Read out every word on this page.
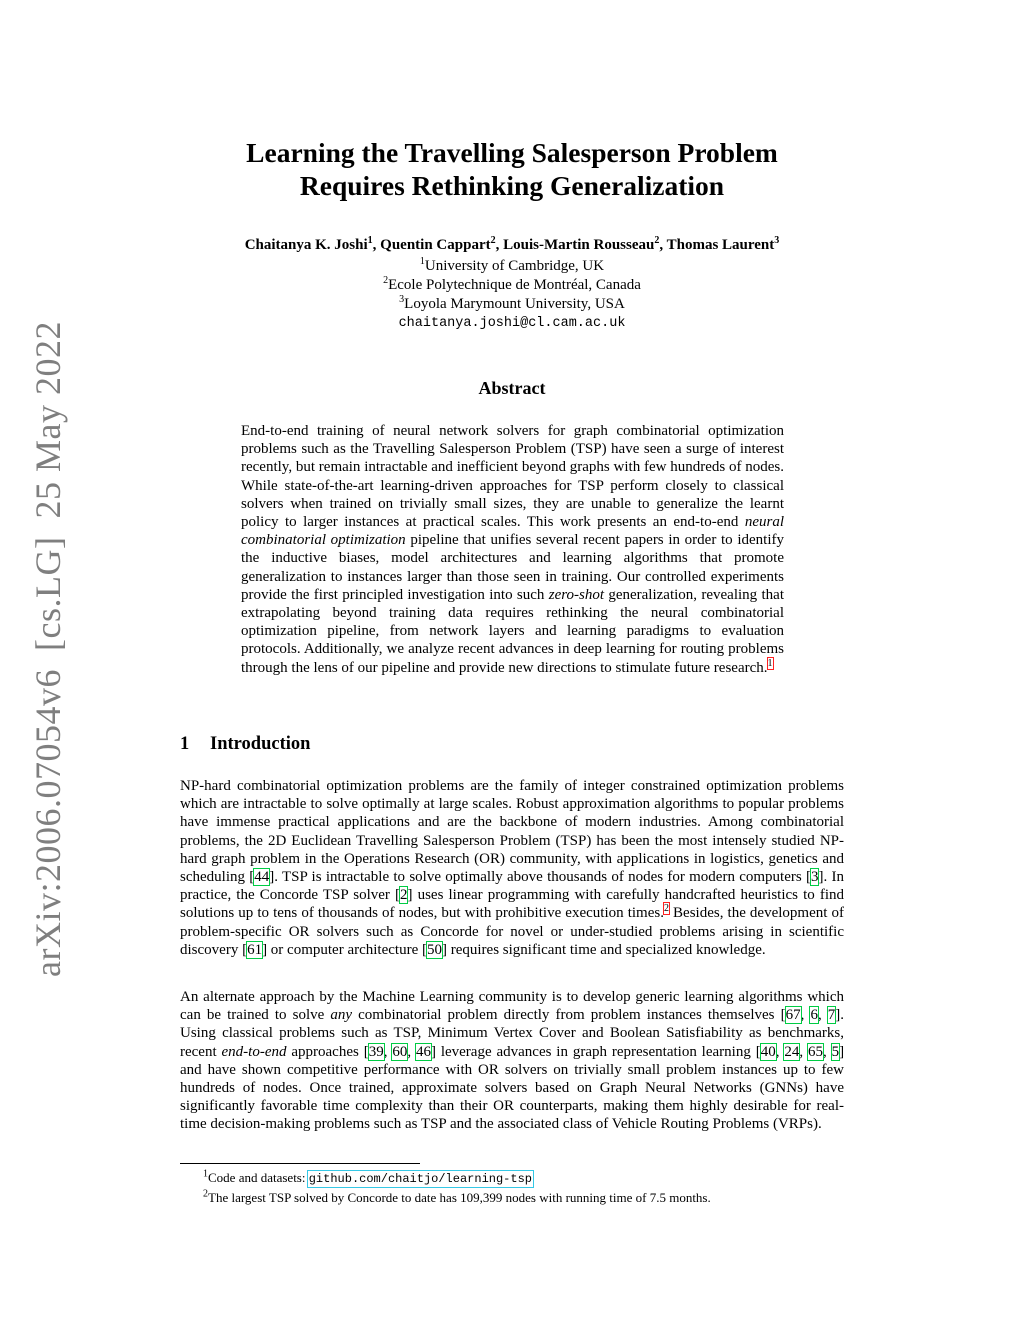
arXiv:2006.07054v6[cs.LG]25 May 2022
Learning the Travelling Salesperson Problem
Requires Rethinking Generalization
Chaitanya K. Joshi$^1$, Quentin Cappart$^2$, Louis-Martin Rousseau$^2$, Thomas Laurent$^3$
$^1$University of Cambridge, UK
$^2$Ecole Polytechnique de Montréal, Canada
$^3$Loyola Marymount University, USA
chaitanya.joshi@cl.cam.ac.uk
Abstract
End-to-end training of neural network solvers for graph combinatorial optimization problems such as the Travelling Salesperson Problem (TSP) have seen a surge of interest recently, but remain intractable and inefficient beyond graphs with few hundreds of nodes. While state-of-the-art learning-driven approaches for TSP perform closely to classical solvers when trained on trivially small sizes, they are unable to generalize the learnt policy to larger instances at practical scales. This work presents an end-to-end neural combinatorial optimization pipeline that unifies several recent papers in order to identify the inductive biases, model architectures and learning algorithms that promote generalization to instances larger than those seen in training. Our controlled experiments provide the first principled investigation into such zero-shot generalization, revealing that extrapolating beyond training data requires rethinking the neural combinatorial optimization pipeline, from network layers and learning paradigms to evaluation protocols. Additionally, we analyze recent advances in deep learning for routing problems through the lens of our pipeline and provide new directions to stimulate future research.$^1$
1 Introduction
NP-hard combinatorial optimization problems are the family of integer constrained optimization problems which are intractable to solve optimally at large scales. Robust approximation algorithms to popular problems have immense practical applications and are the backbone of modern industries. Among combinatorial problems, the 2D Euclidean Travelling Salesperson Problem (TSP) has been the most intensely studied NP-hard graph problem in the Operations Research (OR) community, with applications in logistics, genetics and scheduling [44]. TSP is intractable to solve optimally above thousands of nodes for modern computers [3]. In practice, the Concorde TSP solver [2] uses linear programming with carefully handcrafted heuristics to find solutions up to tens of thousands of nodes, but with prohibitive execution times.$^2$ Besides, the development of problem-specific OR solvers such as Concorde for novel or under-studied problems arising in scientific discovery [61] or computer architecture [50] requires significant time and specialized knowledge.
An alternate approach by the Machine Learning community is to develop generic learning algorithms which can be trained to solve any combinatorial problem directly from problem instances themselves [67, 6, 7]. Using classical problems such as TSP, Minimum Vertex Cover and Boolean Satisfiability as benchmarks, recent end-to-end approaches [39, 60, 46] leverage advances in graph representation learning [40, 24, 65, 5] and have shown competitive performance with OR solvers on trivially small problem instances up to few hundreds of nodes. Once trained, approximate solvers based on Graph Neural Networks (GNNs) have significantly favorable time complexity than their OR counterparts, making them highly desirable for real-time decision-making problems such as TSP and the associated class of Vehicle Routing Problems (VRPs).
$^1$Code and datasets: github.com/chaitjo/learning-tsp
$^2$The largest TSP solved by Concorde to date has 109,399 nodes with running time of 7.5 months.
